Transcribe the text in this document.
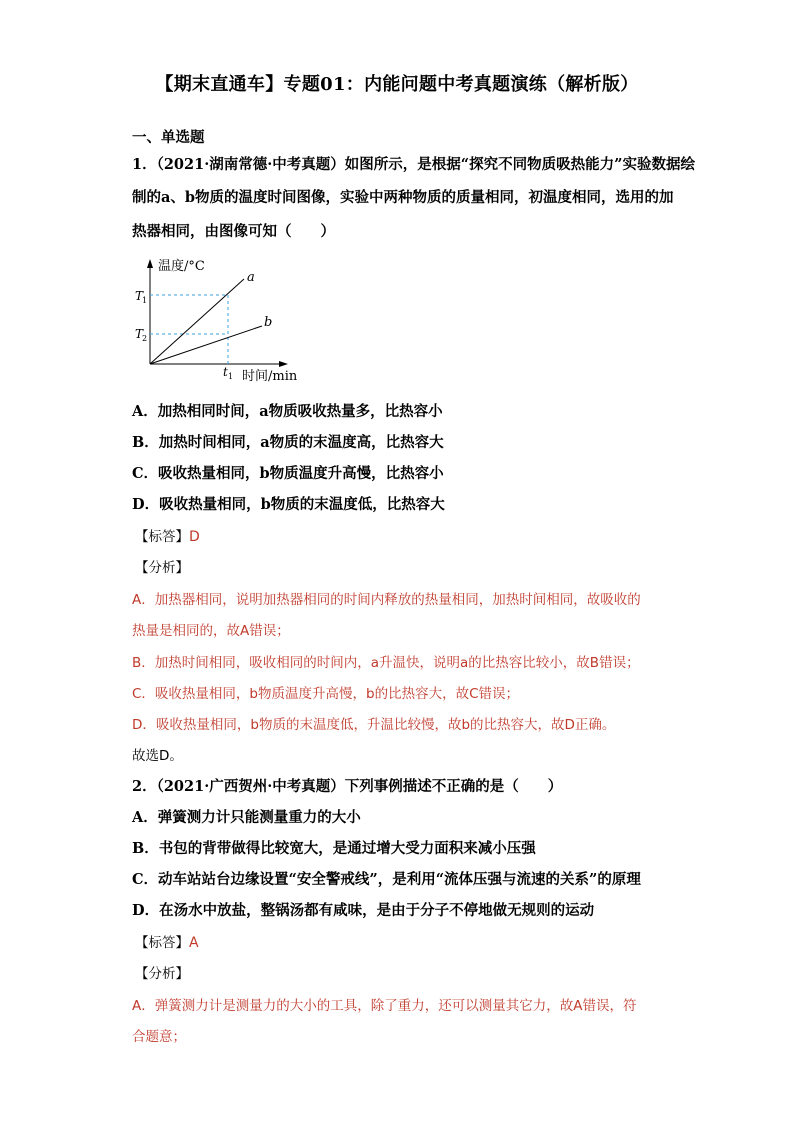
【期末直通车】专题01：内能问题中考真题演练（解析版）
一、单选题
1．（2021·湖南常德·中考真题）如图所示，是根据“探究不同物质吸热能力”实验数据绘
制的a、b物质的温度时间图像，实验中两种物质的质量相同，初温度相同，选用的加
热器相同，由图像可知（　　）
温度/°C
时间/min
a
b
T
1
T
2
t 1
A．加热相同时间，a物质吸收热量多，比热容小
B．加热时间相同，a物质的末温度高，比热容大
C．吸收热量相同，b物质温度升高慢，比热容小
D．吸收热量相同，b物质的末温度低，比热容大
【标答】D
【分析】
A．加热器相同，说明加热器相同的时间内释放的热量相同，加热时间相同，故吸收的
热量是相同的，故A错误；
B．加热时间相同，吸收相同的时间内，a升温快，说明a的比热容比较小，故B错误；
C．吸收热量相同，b物质温度升高慢，b的比热容大，故C错误；
D．吸收热量相同，b物质的末温度低，升温比较慢，故b的比热容大，故D正确。
故选D。
2．（2021·广西贺州·中考真题）下列事例描述不正确的是（　　）
A．弹簧测力计只能测量重力的大小
B．书包的背带做得比较宽大，是通过增大受力面积来减小压强
C．动车站站台边缘设置“安全警戒线”，是利用“流体压强与流速的关系”的原理
D．在汤水中放盐，整锅汤都有咸味，是由于分子不停地做无规则的运动
【标答】A
【分析】
A．弹簧测力计是测量力的大小的工具，除了重力，还可以测量其它力，故A错误，符
合题意；
